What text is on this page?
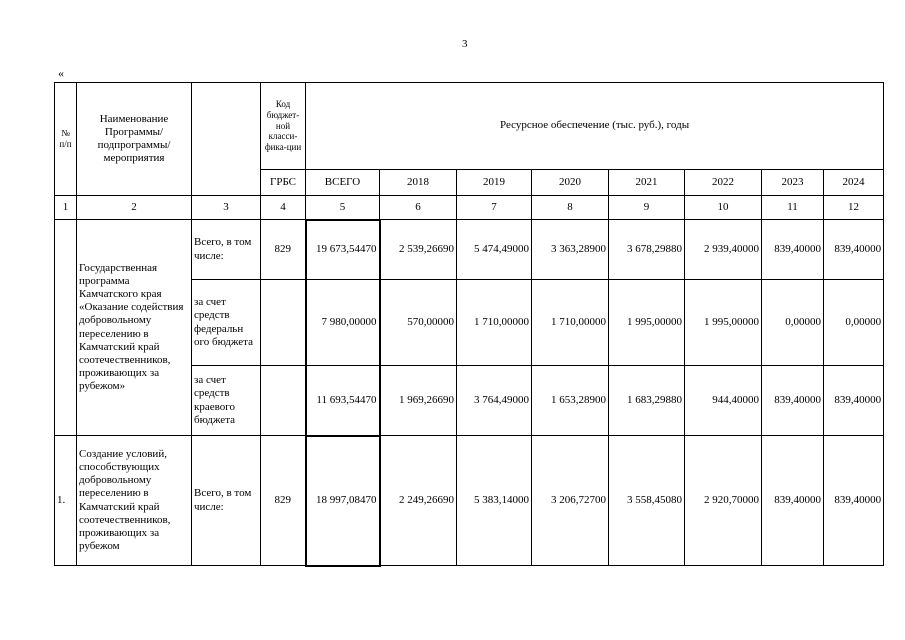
3
«
№ п/п	Наименование Программы/ подпрограммы/ мероприятия		Код бюджет-ной класси-фика-ции	Ресурсное обеспечение (тыс. руб.), годы							
			ГРБС	ВСЕГО	2018	2019	2020	2021	2022	2023	2024
1	2	3	4	5	6	7	8	9	10	11	12
	Государственная программа Камчатского края «Оказание содействия добровольному переселению в Камчатский край соотечественников, проживающих за рубежом»	Всего, в том числе:	829	19 673,54470	2 539,26690	5 474,49000	3 363,28900	3 678,29880	2 939,40000	839,40000	839,40000
		за счет средств федеральн ого бюджета		7 980,00000	570,00000	1 710,00000	1 710,00000	1 995,00000	1 995,00000	0,00000	0,00000
		за счет средств краевого бюджета		11 693,54470	1 969,26690	3 764,49000	1 653,28900	1 683,29880	944,40000	839,40000	839,40000
1.	Создание условий, способствующих добровольному переселению в Камчатский край соотечественников, проживающих за рубежом	Всего, в том числе:	829	18 997,08470	2 249,26690	5 383,14000	3 206,72700	3 558,45080	2 920,70000	839,40000	839,40000
